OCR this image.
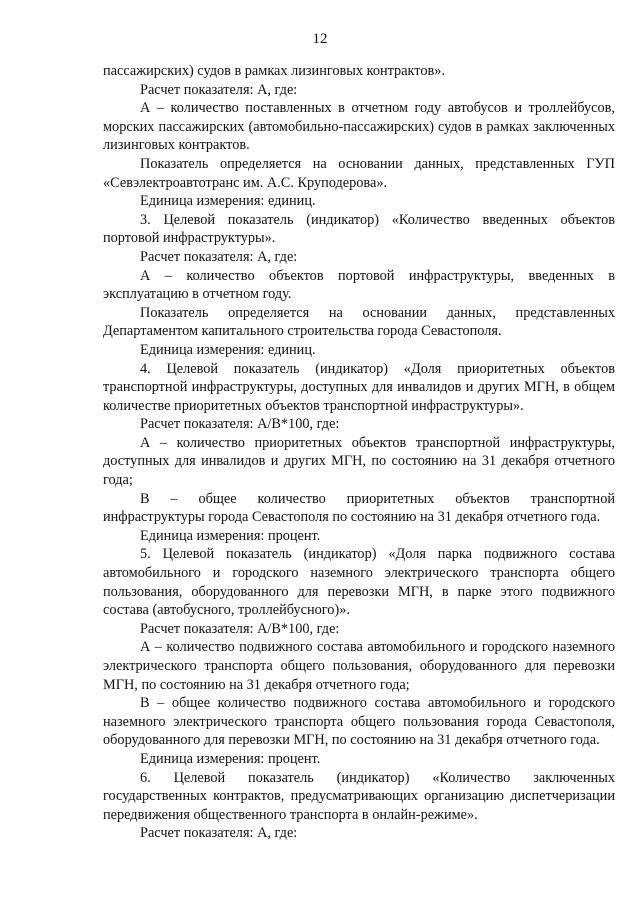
12

пассажирских) судов в рамках лизинговых контрактов».

Расчет показателя: А, где:

А – количество поставленных в отчетном году автобусов и троллейбусов, морских пассажирских (автомобильно-пассажирских) судов в рамках заключенных лизинговых контрактов.

Показатель определяется на основании данных, представленных ГУП «Севэлектроавтотранс им. А.С. Круподерова».

Единица измерения: единиц.

3. Целевой показатель (индикатор) «Количество введенных объектов портовой инфраструктуры».

Расчет показателя: А, где:

А – количество объектов портовой инфраструктуры, введенных в эксплуатацию в отчетном году.

Показатель определяется на основании данных, представленных Департаментом капитального строительства города Севастополя.

Единица измерения: единиц.

4. Целевой показатель (индикатор) «Доля приоритетных объектов транспортной инфраструктуры, доступных для инвалидов и других МГН, в общем количестве приоритетных объектов транспортной инфраструктуры».

Расчет показателя: А/В*100, где:

А – количество приоритетных объектов транспортной инфраструктуры, доступных для инвалидов и других МГН, по состоянию на 31 декабря отчетного года;

В – общее количество приоритетных объектов транспортной инфраструктуры города Севастополя по состоянию на 31 декабря отчетного года.

Единица измерения: процент.

5. Целевой показатель (индикатор) «Доля парка подвижного состава автомобильного и городского наземного электрического транспорта общего пользования, оборудованного для перевозки МГН, в парке этого подвижного состава (автобусного, троллейбусного)».

Расчет показателя: А/В*100, где:

А – количество подвижного состава автомобильного и городского наземного электрического транспорта общего пользования, оборудованного для перевозки МГН, по состоянию на 31 декабря отчетного года;

В – общее количество подвижного состава автомобильного и городского наземного электрического транспорта общего пользования города Севастополя, оборудованного для перевозки МГН, по состоянию на 31 декабря отчетного года.

Единица измерения: процент.

6. Целевой показатель (индикатор) «Количество заключенных государственных контрактов, предусматривающих организацию диспетчеризации передвижения общественного транспорта в онлайн-режиме».

Расчет показателя: А, где:
